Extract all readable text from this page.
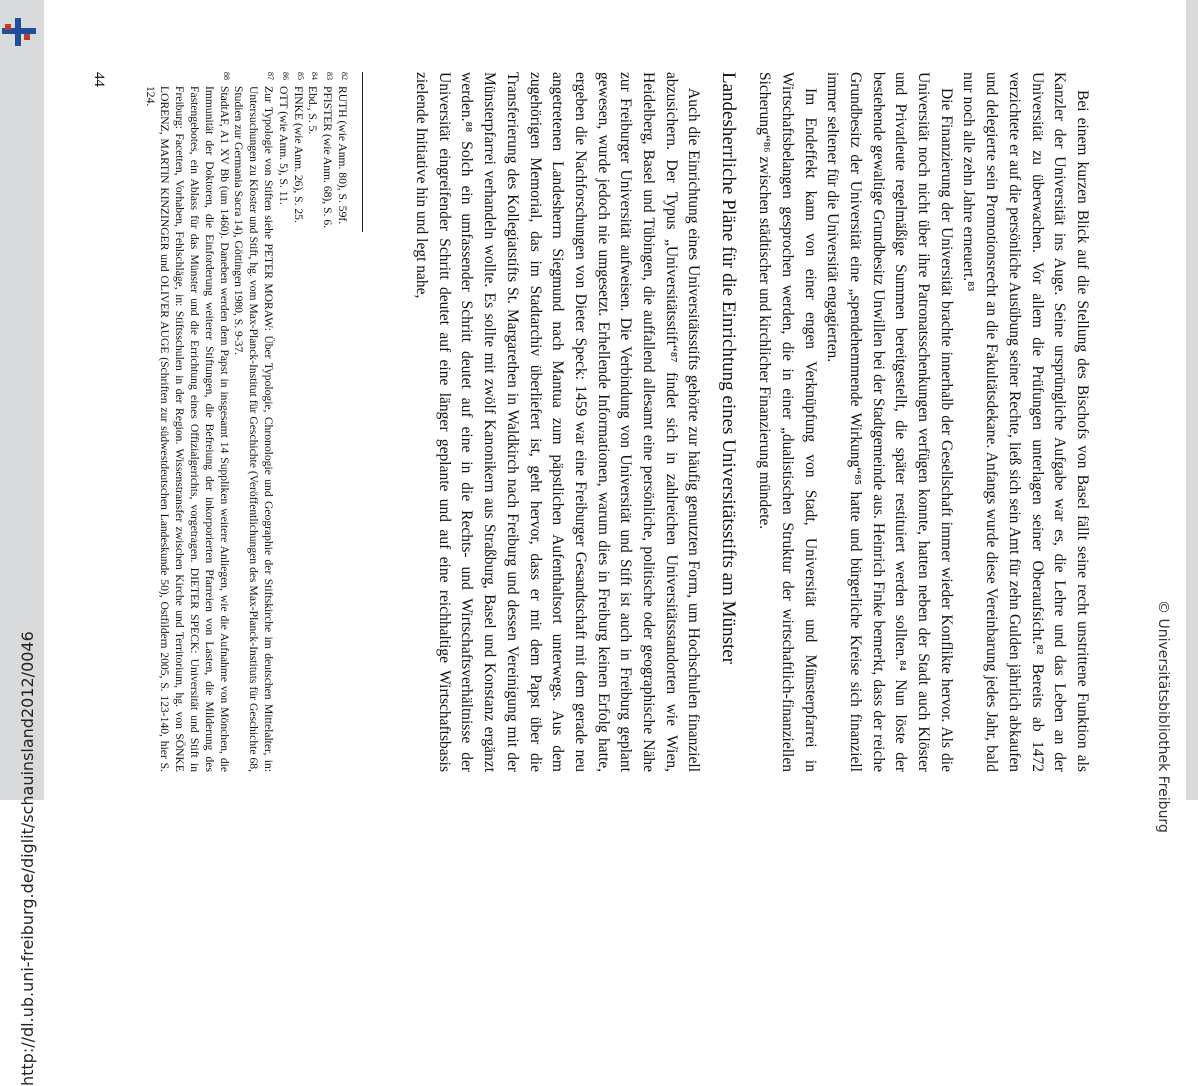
http://dl.ub.uni-freiburg.de/diglit/schauinsland2012/0046	© Universitätsbibliothek Freiburg

Bei einem kurzen Blick auf die Stellung des Bischofs von Basel fällt seine recht unstrittene Funktion als Kanzler der Universität ins Auge. Seine ursprüngliche Aufgabe war es, die Lehre und das Leben an der Universität zu überwachen. Vor allem die Prüfungen unterlagen seiner Oberaufsicht.⁸² Bereits ab 1472 verzichtete er auf die persönliche Ausübung seiner Rechte, ließ sich sein Amt für zehn Gulden jährlich abkaufen und delegierte sein Promotionsrecht an die Fakultätsdekane. Anfangs wurde diese Vereinbarung jedes Jahr, bald nur noch alle zehn Jahre erneuert.⁸³

Die Finanzierung der Universität brachte innerhalb der Gesellschaft immer wieder Konflikte hervor. Als die Universität noch nicht über ihre Patronatsschenkungen verfügen konnte, hatten neben der Stadt auch Klöster und Privatleute regelmäßige Summen bereitgestellt, die später restituiert werden sollten.⁸⁴ Nun löste der bestehende gewaltige Grundbesitz Unwillen bei der Stadtgemeinde aus. Heinrich Finke bemerkt, dass der reiche Grundbesitz der Universität eine „spendehemmende Wirkung“⁸⁵ hatte und bürgerliche Kreise sich finanziell immer seltener für die Universität engagierten.

Im Endeffekt kann von einer engen Verknüpfung von Stadt, Universität und Münsterpfarrei in Wirtschaftsbelangen gesprochen werden, die in einer „dualistischen Struktur der wirtschaftlich-finanziellen Sicherung“⁸⁶ zwischen städtischer und kirchlicher Finanzierung mündete.

Landesherrliche Pläne für die Einrichtung eines Universitätsstifts am Münster

Auch die Einrichtung eines Universitätsstifts gehörte zur häufig genutzten Form, um Hochschulen finanziell abzusichern. Der Typus „Universitätsstift“⁸⁷ findet sich in zahlreichen Universitätsstandorten wie Wien, Heidelberg, Basel und Tübingen, die auffallend allesamt eine persönliche, politische oder geographische Nähe zur Freiburger Universität aufweisen. Die Verbindung von Universität und Stift ist auch in Freiburg geplant gewesen, wurde jedoch nie umgesetzt. Erhellende Informationen, warum dies in Freiburg keinen Erfolg hatte, ergeben die Nachforschungen von Dieter Speck: 1459 war eine Freiburger Gesandtschaft mit dem gerade neu angetretenen Landesherrn Siegmund nach Mantua zum päpstlichen Aufenthaltsort unterwegs. Aus dem zugehörigen Memorial, das im Stadtarchiv überliefert ist, geht hervor, dass er mit dem Papst über die Transferierung des Kollegiatstifts St. Margarethen in Waldkirch nach Freiburg und dessen Vereinigung mit der Münsterpfarrei verhandeln wollte. Es sollte mit zwölf Kanonikern aus Straßburg, Basel und Konstanz ergänzt werden.⁸⁸ Solch ein umfassender Schritt deutet auf eine in die Rechts- und Wirtschaftsverhältnisse der Universität eingreifender Schritt deutet auf eine länger geplante und auf eine reichhaltige Wirtschaftsbasis zielende Initiative hin und legt nahe,

82
RUTH (wie Anm. 80), S. 59f.
83
PFISTER (wie Anm. 68), S. 6.
84
Ebd., S. 5.
85
FINKE (wie Anm. 26), S. 25.
86
OTT (wie Anm. 5), S. 11.
87
Zur Typologie von Stiften siehe PETER MORAW: Über Typologie, Chronologie und Geographie der Stiftskirche im deutschen Mittelalter, in: Untersuchungen zu Kloster und Stift, hg. vom Max-Planck-Institut für Geschichte (Veröffentlichungen des Max-Planck-Instituts für Geschichte 68, Studien zur Germania Sacra 14), Göttingen 1980, S. 9-37.
88
StadtAF, A1 XV Bb (um 1460). Daneben werden dem Papst in insgesamt 14 Suppliken weitere Anliegen, wie die Aufnahme von Mönchen, die Immunität der Doktoren, die Einforderung weiterer Stiftungen, die Befreiung der inkorporierten Pfarreien von Lasten, die Milderung des Fastengebotes, ein Ablass für das Münster und die Errichtung eines Offizialgerichts, vorgetragen. DIETER SPECK: Universität und Stift in Freiburg: Facetten, Vorhaben, Fehlschläge, in: Stiftsschulen in der Region. Wissenstransfer zwischen Kirche und Territorium, hg. von SÖNKE LORENZ, MARTIN KINZINGER und OLIVER AUGE (Schriften zur südwestdeutschen Landeskunde 50), Ostfildern 2005, S. 123-140, hier S. 124.
44
